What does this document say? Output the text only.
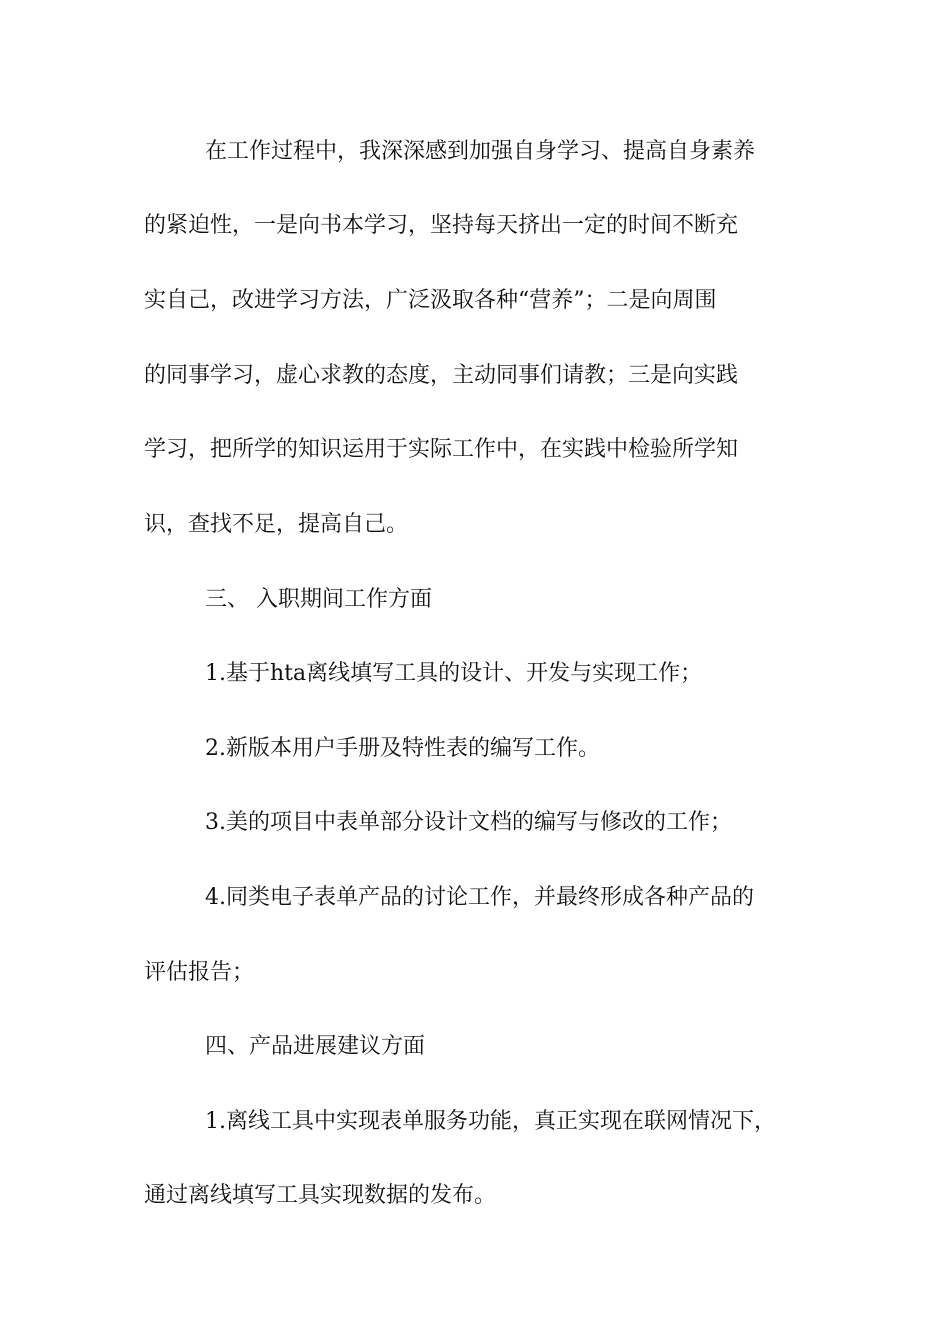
在工作过程中，我深深感到加强自身学习、提高自身素养
的紧迫性，一是向书本学习，坚持每天挤出一定的时间不断充
实自己，改进学习方法，广泛汲取各种“营养”；二是向周围
的同事学习，虚心求教的态度，主动同事们请教；三是向实践
学习，把所学的知识运用于实际工作中，在实践中检验所学知
识，查找不足，提高自己。
三、 入职期间工作方面
1.基于hta离线填写工具的设计、开发与实现工作；
2.新版本用户手册及特性表的编写工作。
3.美的项目中表单部分设计文档的编写与修改的工作；
4.同类电子表单产品的讨论工作，并最终形成各种产品的
评估报告；
四、产品进展建议方面
1.离线工具中实现表单服务功能，真正实现在联网情况下，
通过离线填写工具实现数据的发布。
